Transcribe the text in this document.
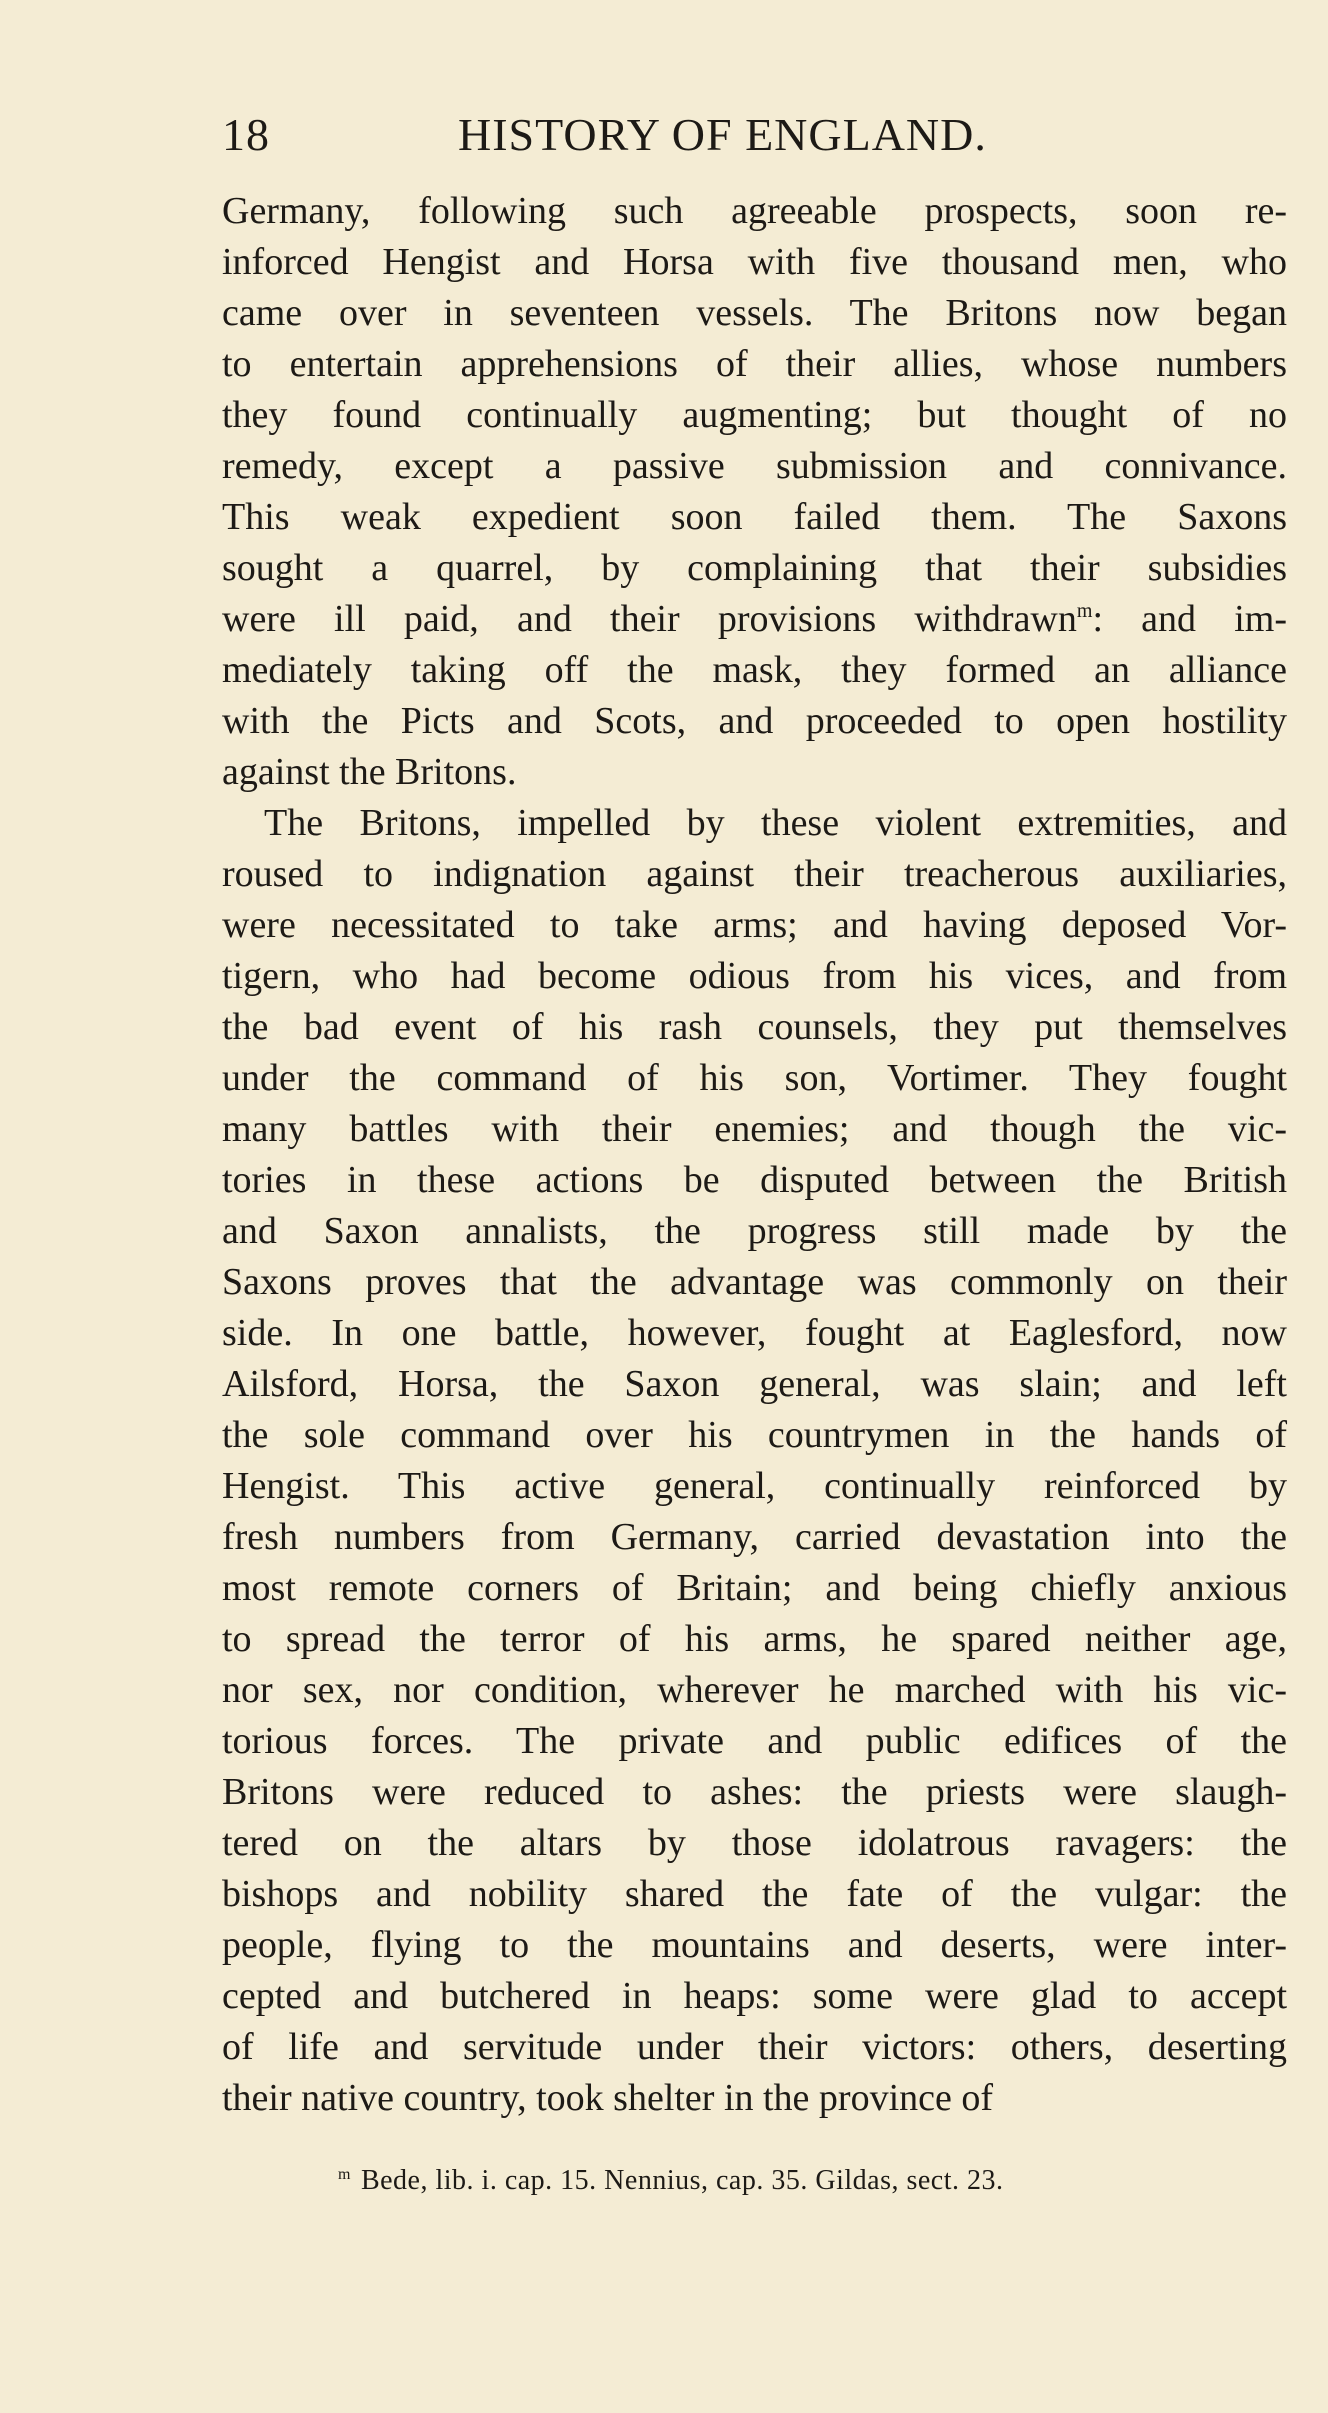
18	HISTORY OF ENGLAND.
Germany, following such agreeable prospects, soon re-
inforced Hengist and Horsa with five thousand men, who
came over in seventeen vessels. The Britons now began
to entertain apprehensions of their allies, whose numbers
they found continually augmenting; but thought of no
remedy, except a passive submission and connivance.
This weak expedient soon failed them. The Saxons
sought a quarrel, by complaining that their subsidies
were ill paid, and their provisions withdrawn$^m$: and im-
mediately taking off the mask, they formed an alliance
with the Picts and Scots, and proceeded to open hostility
against the Britons.
The Britons, impelled by these violent extremities, and
roused to indignation against their treacherous auxiliaries,
were necessitated to take arms; and having deposed Vor-
tigern, who had become odious from his vices, and from
the bad event of his rash counsels, they put themselves
under the command of his son, Vortimer. They fought
many battles with their enemies; and though the vic-
tories in these actions be disputed between the British
and Saxon annalists, the progress still made by the
Saxons proves that the advantage was commonly on their
side. In one battle, however, fought at Eaglesford, now
Ailsford, Horsa, the Saxon general, was slain; and left
the sole command over his countrymen in the hands of
Hengist. This active general, continually reinforced by
fresh numbers from Germany, carried devastation into the
most remote corners of Britain; and being chiefly anxious
to spread the terror of his arms, he spared neither age,
nor sex, nor condition, wherever he marched with his vic-
torious forces. The private and public edifices of the
Britons were reduced to ashes: the priests were slaugh-
tered on the altars by those idolatrous ravagers: the
bishops and nobility shared the fate of the vulgar: the
people, flying to the mountains and deserts, were inter-
cepted and butchered in heaps: some were glad to accept
of life and servitude under their victors: others, deserting
their native country, took shelter in the province of
$^m$ Bede, lib. i. cap. 15. Nennius, cap. 35. Gildas, sect. 23.
